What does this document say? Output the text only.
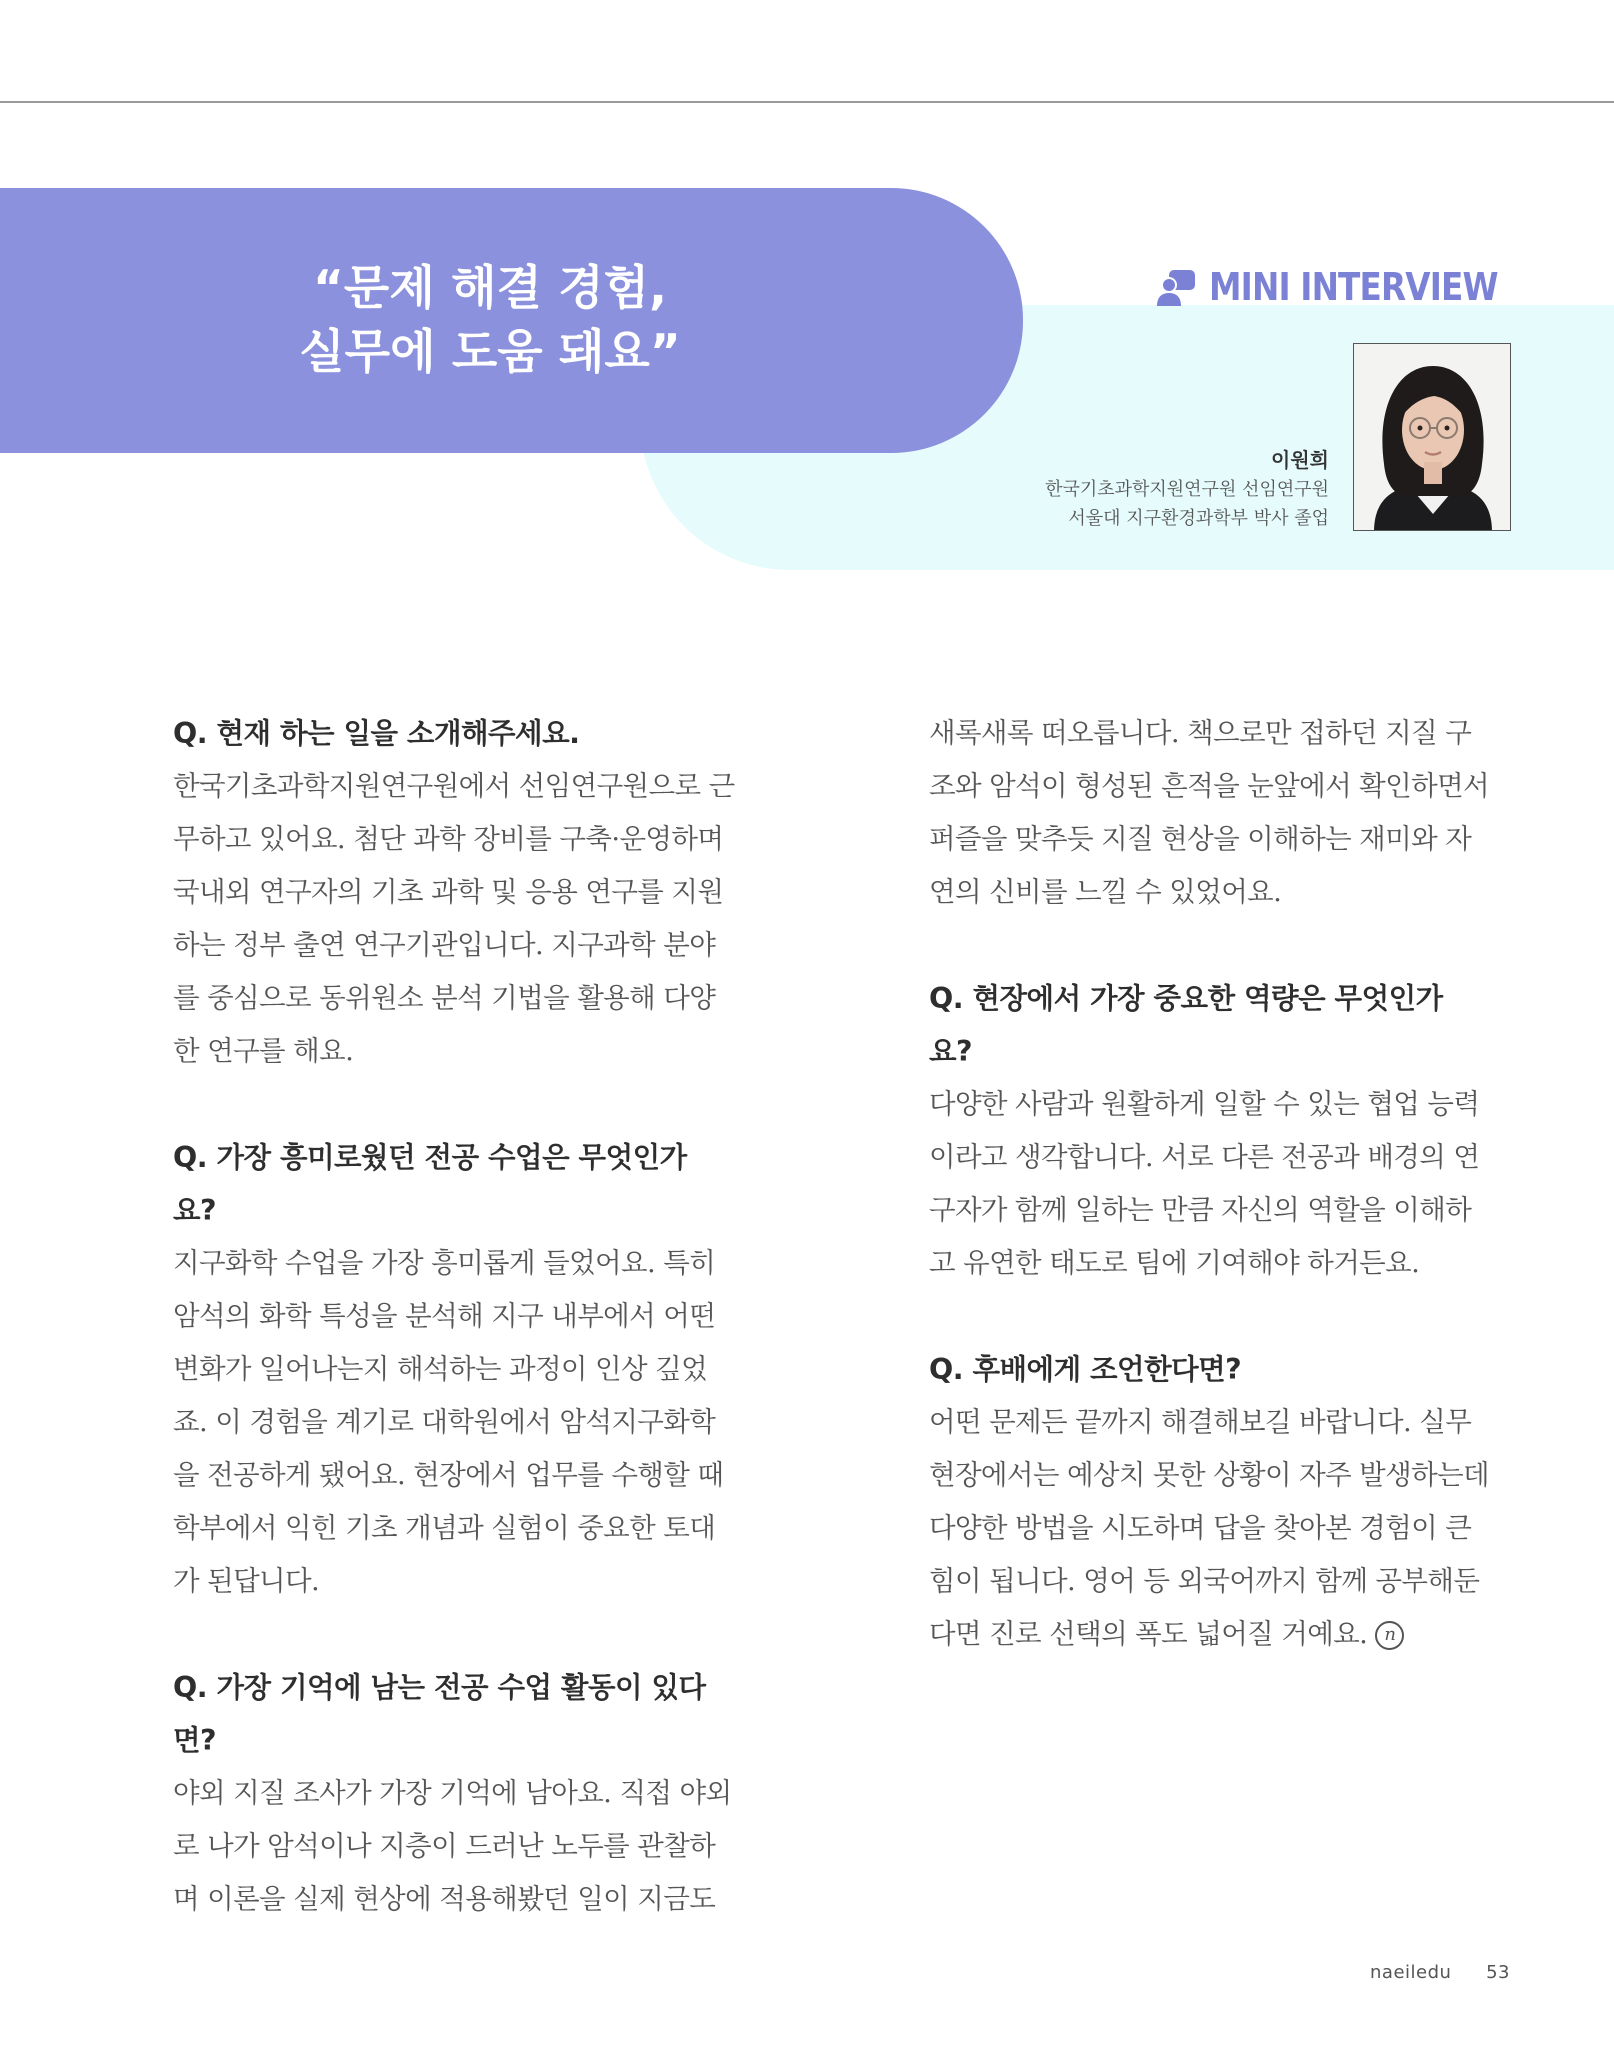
“문제 해결 경험,
실무에 도움 돼요”
MINI INTERVIEW
이원희
한국기초과학지원연구원 선임연구원
서울대 지구환경과학부 박사 졸업
Q. 현재 하는 일을 소개해주세요.
한국기초과학지원연구원에서 선임연구원으로 근
무하고 있어요. 첨단 과학 장비를 구축·운영하며
국내외 연구자의 기초 과학 및 응용 연구를 지원
하는 정부 출연 연구기관입니다. 지구과학 분야
를 중심으로 동위원소 분석 기법을 활용해 다양
한 연구를 해요.
Q. 가장 흥미로웠던 전공 수업은 무엇인가
요?
지구화학 수업을 가장 흥미롭게 들었어요. 특히
암석의 화학 특성을 분석해 지구 내부에서 어떤
변화가 일어나는지 해석하는 과정이 인상 깊었
죠. 이 경험을 계기로 대학원에서 암석지구화학
을 전공하게 됐어요. 현장에서 업무를 수행할 때
학부에서 익힌 기초 개념과 실험이 중요한 토대
가 된답니다.
Q. 가장 기억에 남는 전공 수업 활동이 있다
면?
야외 지질 조사가 가장 기억에 남아요. 직접 야외
로 나가 암석이나 지층이 드러난 노두를 관찰하
며 이론을 실제 현상에 적용해봤던 일이 지금도
새록새록 떠오릅니다. 책으로만 접하던 지질 구
조와 암석이 형성된 흔적을 눈앞에서 확인하면서
퍼즐을 맞추듯 지질 현상을 이해하는 재미와 자
연의 신비를 느낄 수 있었어요.
Q. 현장에서 가장 중요한 역량은 무엇인가
요?
다양한 사람과 원활하게 일할 수 있는 협업 능력
이라고 생각합니다. 서로 다른 전공과 배경의 연
구자가 함께 일하는 만큼 자신의 역할을 이해하
고 유연한 태도로 팀에 기여해야 하거든요.
Q. 후배에게 조언한다면?
어떤 문제든 끝까지 해결해보길 바랍니다. 실무
현장에서는 예상치 못한 상황이 자주 발생하는데
다양한 방법을 시도하며 답을 찾아본 경험이 큰
힘이 됩니다. 영어 등 외국어까지 함께 공부해둔
다면 진로 선택의 폭도 넓어질 거예요. n
naeiledu 53
